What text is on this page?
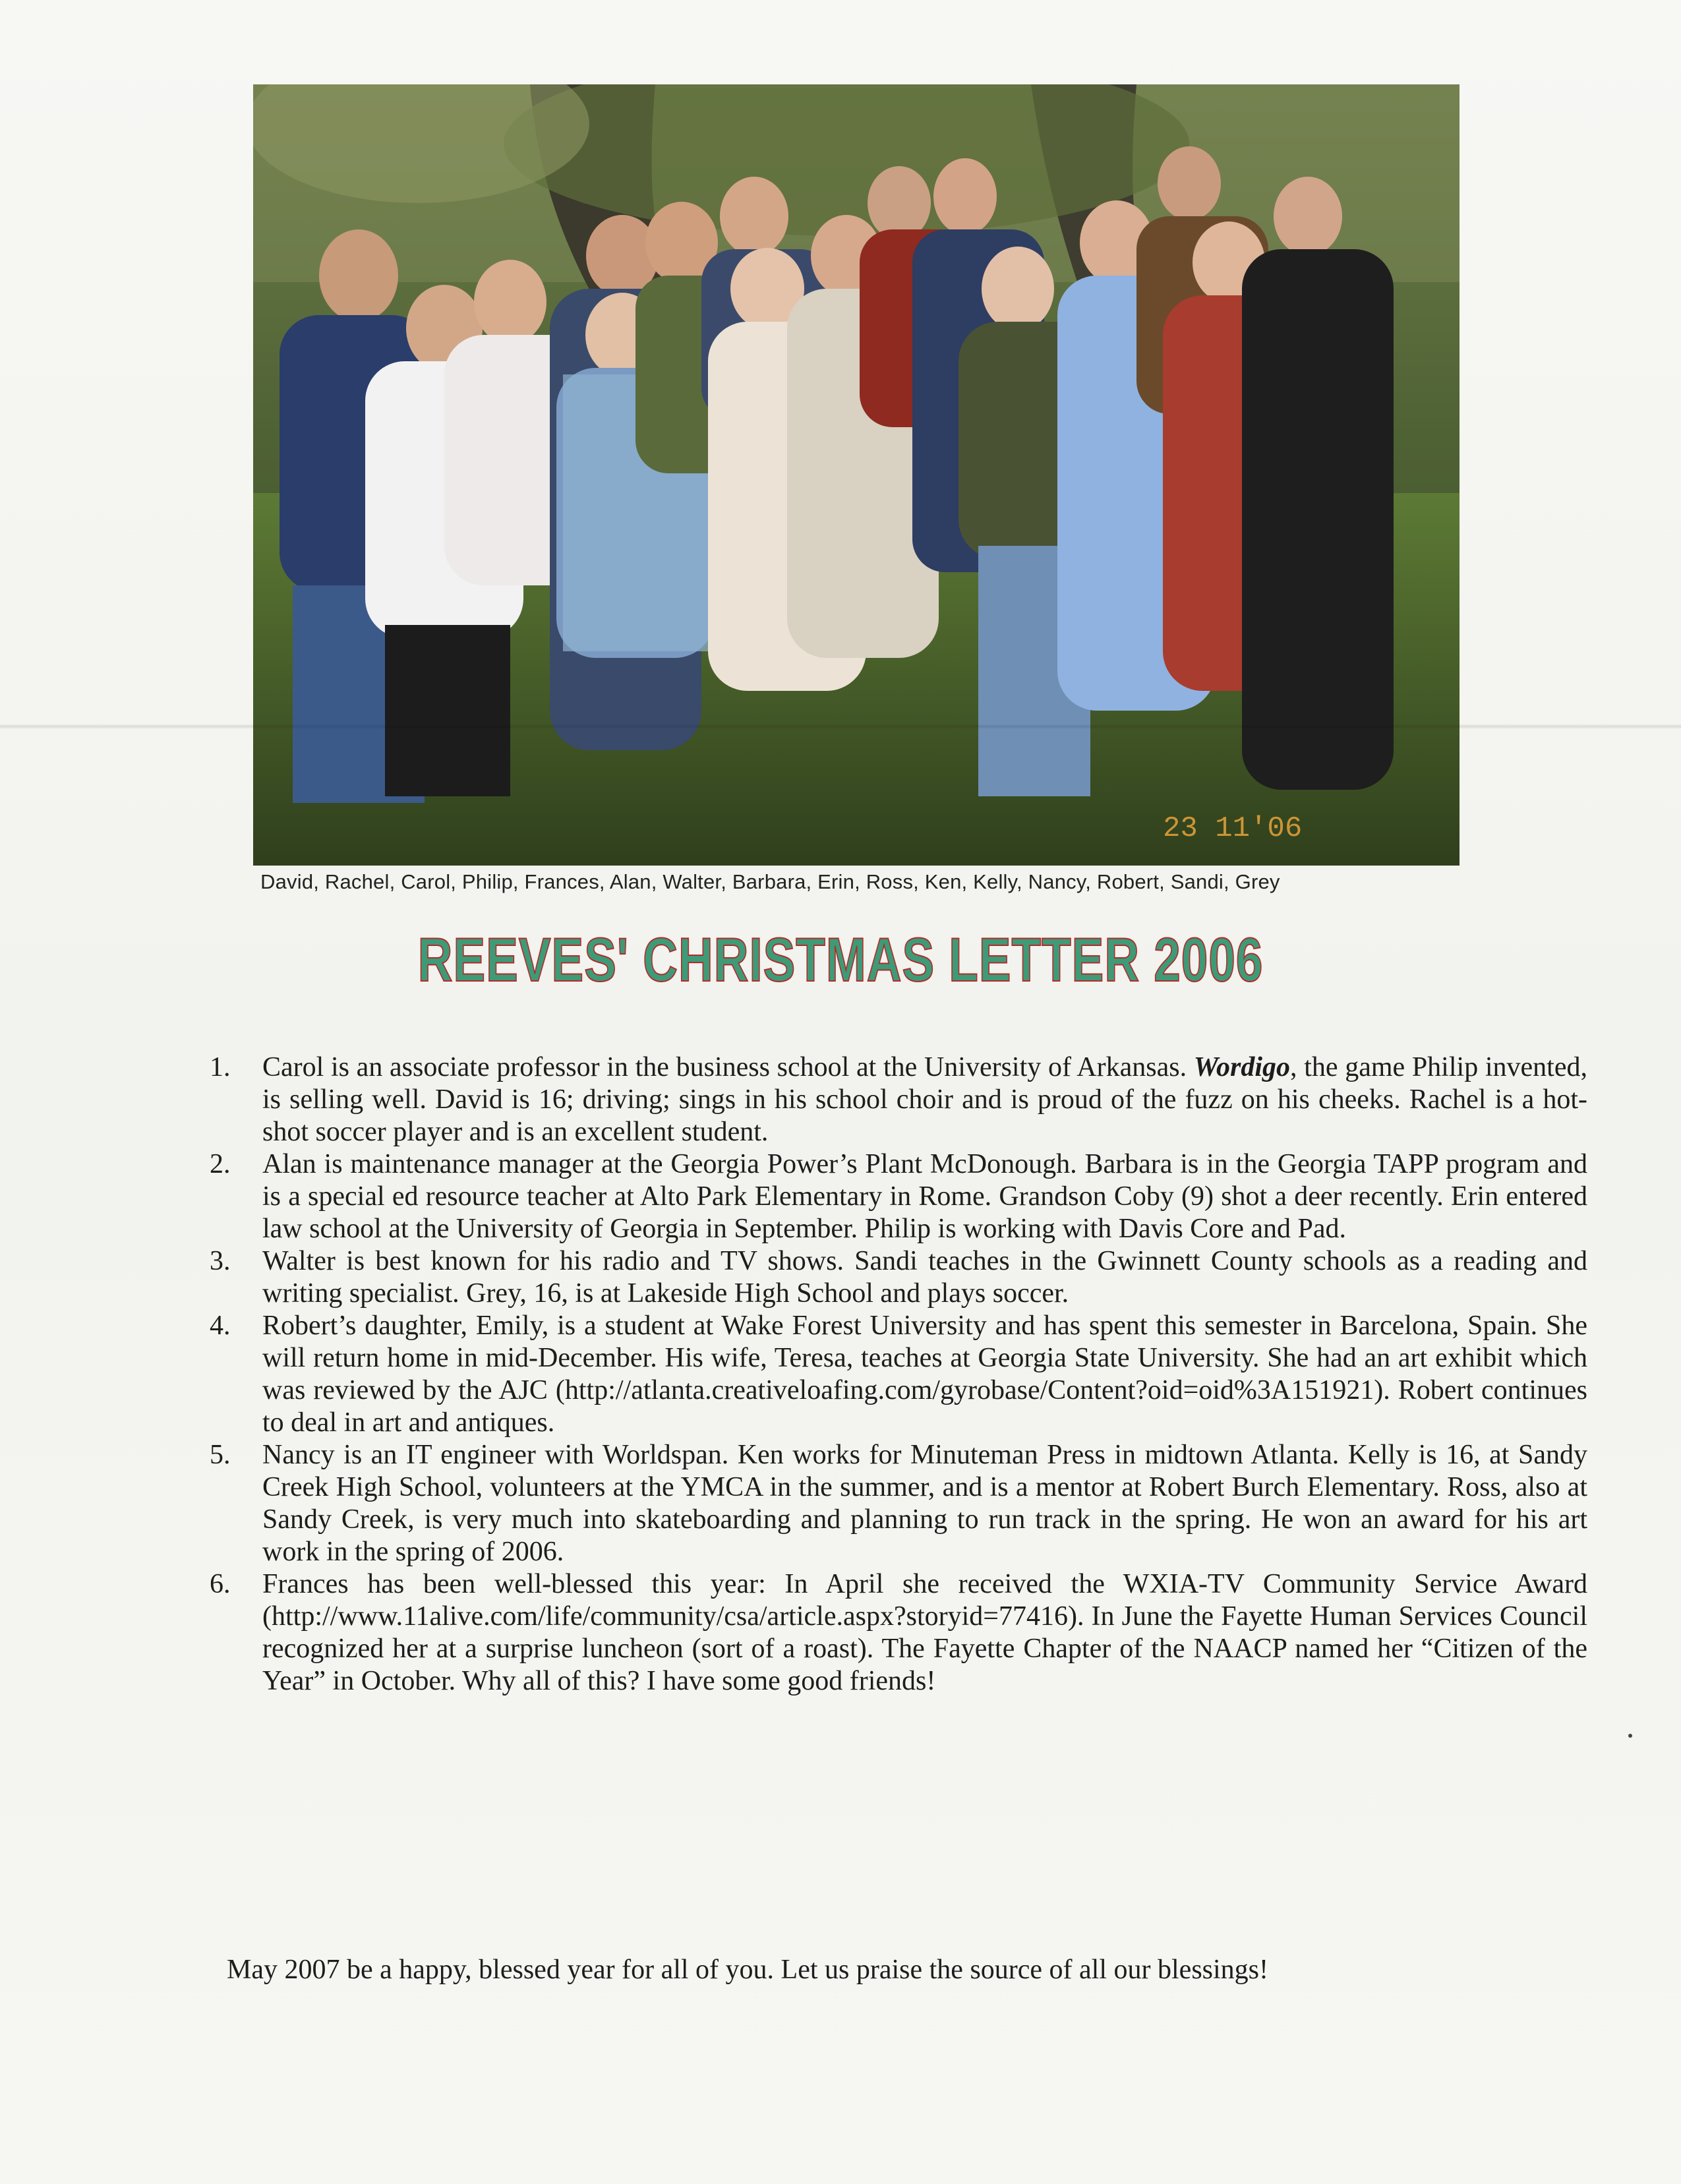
23 11'06
David, Rachel, Carol, Philip, Frances, Alan, Walter, Barbara, Erin, Ross, Ken, Kelly, Nancy, Robert, Sandi, Grey
REEVES' CHRISTMAS LETTER 2006
1.	Carol is an associate professor in the business school at the University of Arkansas. Wordigo, the game Philip invented, is selling well. David is 16; driving; sings in his school choir and is proud of the fuzz on his cheeks. Rachel is a hot-shot soccer player and is an excellent student.
2.	Alan is maintenance manager at the Georgia Power’s Plant McDonough. Barbara is in the Georgia TAPP program and is a special ed resource teacher at Alto Park Elementary in Rome. Grandson Coby (9) shot a deer recently. Erin entered law school at the University of Georgia in September. Philip is working with Davis Core and Pad.
3.	Walter is best known for his radio and TV shows. Sandi teaches in the Gwinnett County schools as a reading and writing specialist. Grey, 16, is at Lakeside High School and plays soccer.
4.	Robert’s daughter, Emily, is a student at Wake Forest University and has spent this semester in Barcelona, Spain. She will return home in mid-December. His wife, Teresa, teaches at Georgia State University. She had an art exhibit which was reviewed by the AJC (http://atlanta.creativeloafing.com/gyrobase/Content?oid=oid%3A151921). Robert continues to deal in art and antiques.
5.	Nancy is an IT engineer with Worldspan. Ken works for Minuteman Press in midtown Atlanta. Kelly is 16, at Sandy Creek High School, volunteers at the YMCA in the summer, and is a mentor at Robert Burch Elementary. Ross, also at Sandy Creek, is very much into skateboarding and planning to run track in the spring. He won an award for his art work in the spring of 2006.
6.	Frances has been well-blessed this year: In April she received the WXIA-TV Community Service Award (http://www.11alive.com/life/community/csa/article.aspx?storyid=77416). In June the Fayette Human Services Council recognized her at a surprise luncheon (sort of a roast). The Fayette Chapter of the NAACP named her “Citizen of the Year” in October. Why all of this? I have some good friends!
May 2007 be a happy, blessed year for all of you. Let us praise the source of all our blessings!
